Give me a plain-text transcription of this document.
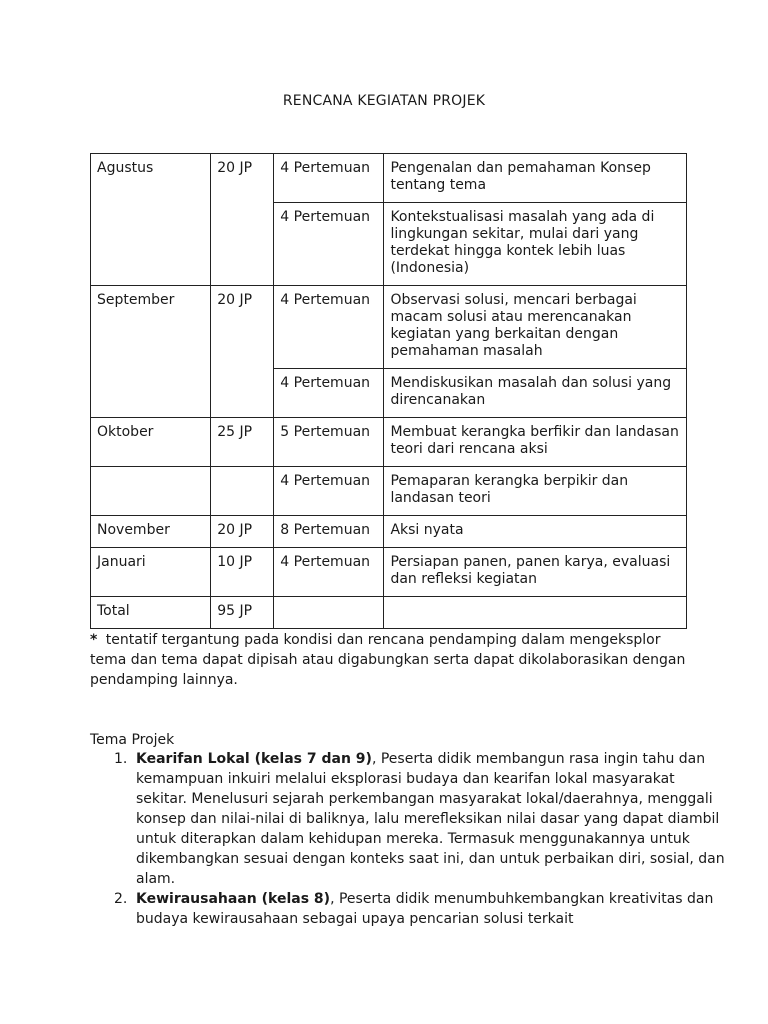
RENCANA KEGIATAN PROJEK
Agustus	20 JP	4 Pertemuan	Pengenalan dan pemahaman Konsep tentang tema
		4 Pertemuan	Kontekstualisasi masalah yang ada di lingkungan sekitar, mulai dari yang terdekat hingga kontek lebih luas (Indonesia)
September	20 JP	4 Pertemuan	Observasi solusi, mencari berbagai macam solusi atau merencanakan kegiatan yang berkaitan dengan pemahaman masalah
		4 Pertemuan	Mendiskusikan masalah dan solusi yang direncanakan
Oktober	25 JP	5 Pertemuan	Membuat kerangka berfikir dan landasan teori dari rencana aksi
		4 Pertemuan	Pemaparan kerangka berpikir dan landasan teori
November	20 JP	8 Pertemuan	Aksi nyata
Januari	10 JP	4 Pertemuan	Persiapan panen, panen karya, evaluasi dan refleksi kegiatan
Total	95 JP		
* tentatif tergantung pada kondisi dan rencana pendamping dalam mengeksplor tema dan tema dapat dipisah atau digabungkan serta dapat dikolaborasikan dengan pendamping lainnya.
Tema Projek
1. Kearifan Lokal (kelas 7 dan 9), Peserta didik membangun rasa ingin tahu dan kemampuan inkuiri melalui eksplorasi budaya dan kearifan lokal masyarakat sekitar. Menelusuri sejarah perkembangan masyarakat lokal/daerahnya, menggali konsep dan nilai-nilai di baliknya, lalu merefleksikan nilai dasar yang dapat diambil untuk diterapkan dalam kehidupan mereka. Termasuk menggunakannya untuk dikembangkan sesuai dengan konteks saat ini, dan untuk perbaikan diri, sosial, dan alam.
2. Kewirausahaan (kelas 8), Peserta didik menumbuhkembangkan kreativitas dan budaya kewirausahaan sebagai upaya pencarian solusi terkait
